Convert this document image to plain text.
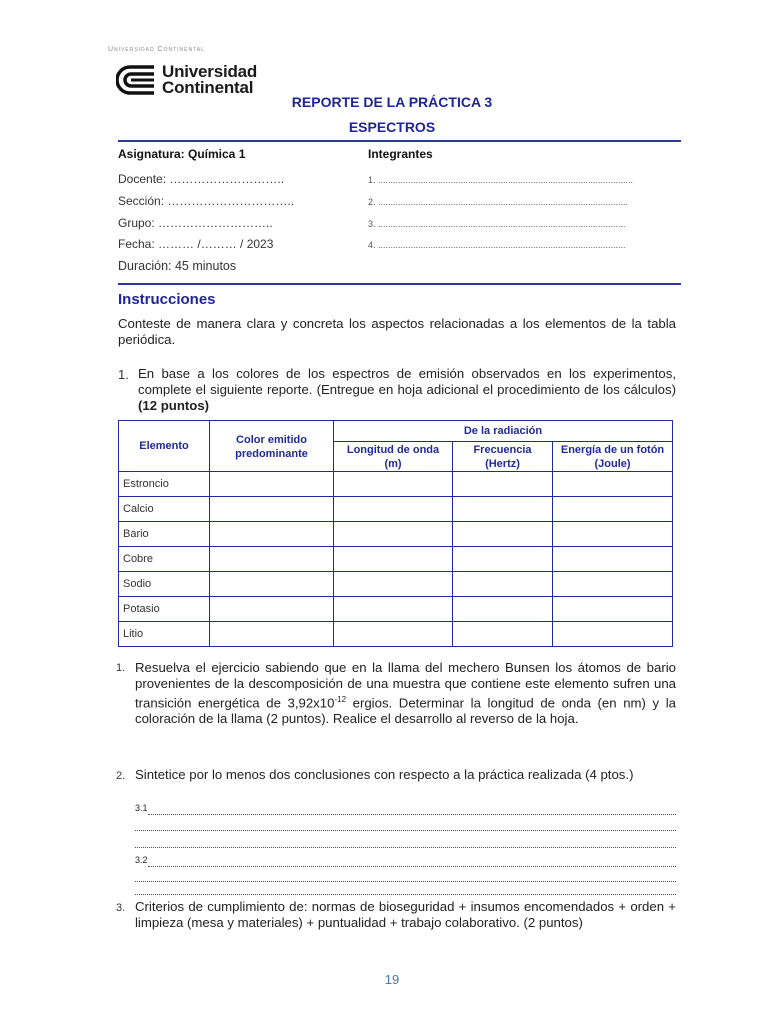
Universidad Continental
Universidad
Continental
REPORTE DE LA PRÁCTICA 3
ESPECTROS
Asignatura: Química 1
Docente: ………………………..
Sección: …………………………..
Grupo: ………………………..
Fecha: ……… /……… / 2023
Duración: 45 minutos
Integrantes
1. ......................................................................................................
2. ....................................................................................................
3. ...................................................................................................
4. ...................................................................................................
Instrucciones
Conteste de manera clara y concreta los aspectos relacionadas a los elementos de la tabla periódica.
1. En base a los colores de los espectros de emisión observados en los experimentos, complete el siguiente reporte. (Entregue en hoja adicional el procedimiento de los cálculos) (12 puntos)
Elemento	Color emitido predominante	De la radiación		
		Longitud de onda (m)	Frecuencia (Hertz)	Energía de un fotón (Joule)
Estroncio				
Calcio				
Bario				
Cobre				
Sodio				
Potasio				
Litio				
1. Resuelva el ejercicio sabiendo que en la llama del mechero Bunsen los átomos de bario provenientes de la descomposición de una muestra que contiene este elemento sufren una transición energética de $3,92x10^{-12}$ ergios. Determinar la longitud de onda (en nm) y la coloración de la llama (2 puntos). Realice el desarrollo al reverso de la hoja.
2. Sintetice por lo menos dos conclusiones con respecto a la práctica realizada (4 ptos.)
3.1
3.2
3. Criterios de cumplimiento de: normas de bioseguridad + insumos encomendados + orden + limpieza (mesa y materiales) + puntualidad + trabajo colaborativo. (2 puntos)
19
